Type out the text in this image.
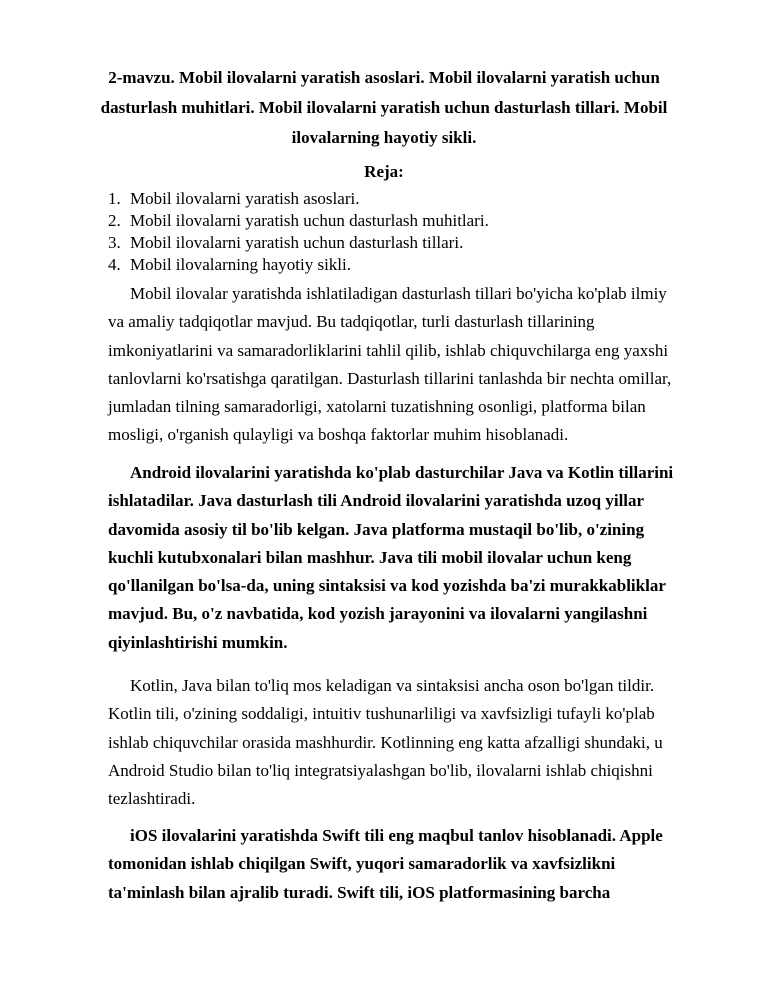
2-mavzu. Mobil ilovalarni yaratish asoslari. Mobil ilovalarni yaratish uchun
dasturlash muhitlari. Mobil ilovalarni yaratish uchun dasturlash tillari. Mobil
ilovalarning hayotiy sikli.
Reja:
1. Mobil ilovalarni yaratish asoslari.
2. Mobil ilovalarni yaratish uchun dasturlash muhitlari.
3. Mobil ilovalarni yaratish uchun dasturlash tillari.
4. Mobil ilovalarning hayotiy sikli.
Mobil ilovalar yaratishda ishlatiladigan dasturlash tillari bo'yicha ko'plab ilmiy
va amaliy tadqiqotlar mavjud. Bu tadqiqotlar, turli dasturlash tillarining
imkoniyatlarini va samaradorliklarini tahlil qilib, ishlab chiquvchilarga eng yaxshi
tanlovlarni ko'rsatishga qaratilgan. Dasturlash tillarini tanlashda bir nechta omillar,
jumladan tilning samaradorligi, xatolarni tuzatishning osonligi, platforma bilan
mosligi, o'rganish qulayligi va boshqa faktorlar muhim hisoblanadi.
Android ilovalarini yaratishda ko'plab dasturchilar Java va Kotlin tillarini
ishlatadilar. Java dasturlash tili Android ilovalarini yaratishda uzoq yillar
davomida asosiy til bo'lib kelgan. Java platforma mustaqil bo'lib, o'zining
kuchli kutubxonalari bilan mashhur. Java tili mobil ilovalar uchun keng
qo'llanilgan bo'lsa-da, uning sintaksisi va kod yozishda ba'zi murakkabliklar
mavjud. Bu, o'z navbatida, kod yozish jarayonini va ilovalarni yangilashni
qiyinlashtirishi mumkin.
Kotlin, Java bilan to'liq mos keladigan va sintaksisi ancha oson bo'lgan tildir.
Kotlin tili, o'zining soddaligi, intuitiv tushunarliligi va xavfsizligi tufayli ko'plab
ishlab chiquvchilar orasida mashhurdir. Kotlinning eng katta afzalligi shundaki, u
Android Studio bilan to'liq integratsiyalashgan bo'lib, ilovalarni ishlab chiqishni
tezlashtiradi.
iOS ilovalarini yaratishda Swift tili eng maqbul tanlov hisoblanadi. Apple
tomonidan ishlab chiqilgan Swift, yuqori samaradorlik va xavfsizlikni
ta'minlash bilan ajralib turadi. Swift tili, iOS platformasining barcha
